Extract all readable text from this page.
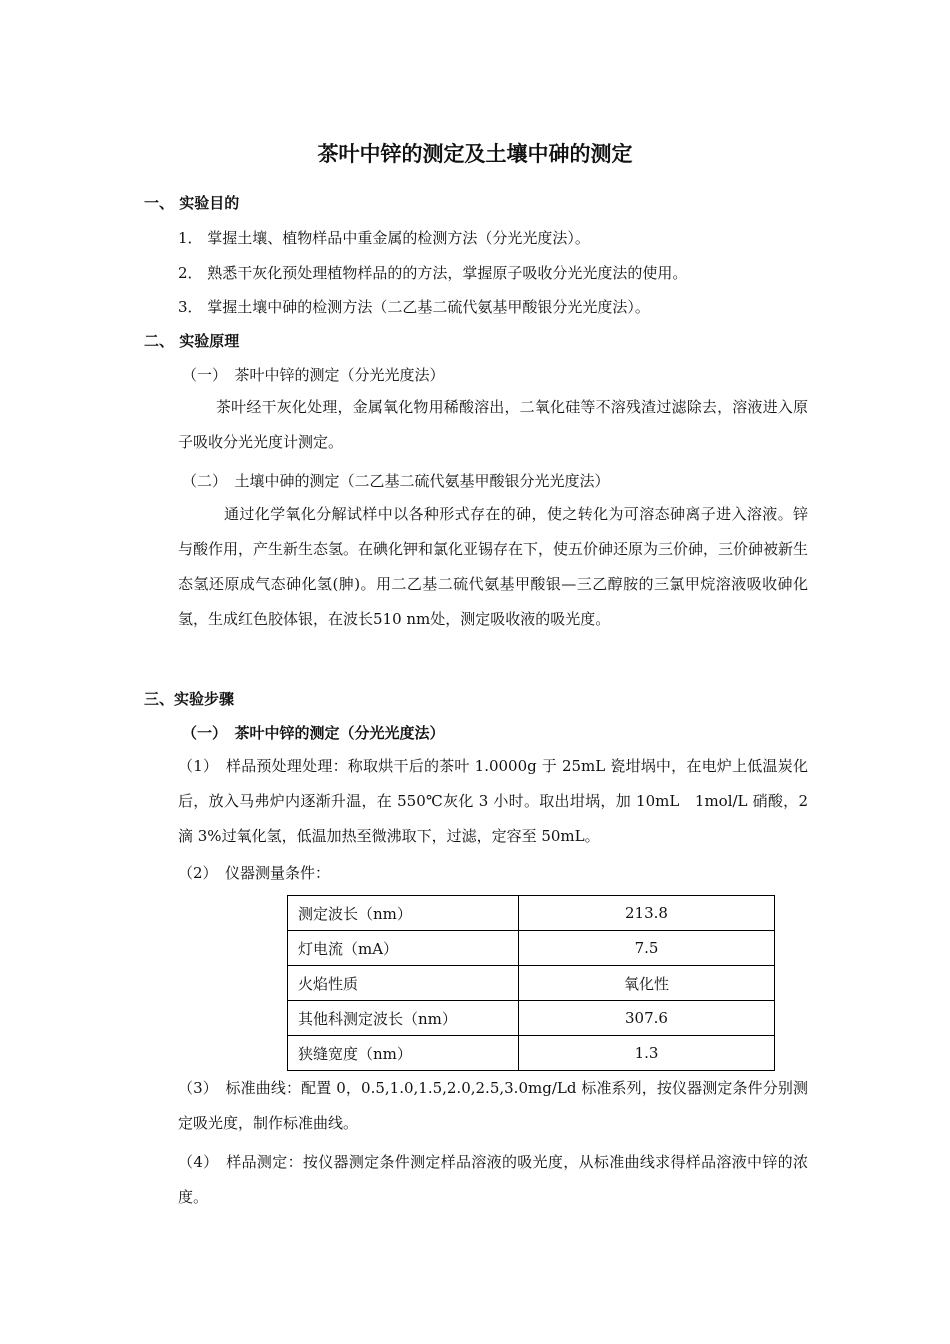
茶叶中锌的测定及土壤中砷的测定
一、 实验目的
1． 掌握土壤、植物样品中重金属的检测方法（分光光度法）。
2． 熟悉干灰化预处理植物样品的的方法，掌握原子吸收分光光度法的使用。
3． 掌握土壤中砷的检测方法（二乙基二硫代氨基甲酸银分光光度法）。
二、 实验原理
（一）　茶叶中锌的测定（分光光度法）
茶叶经干灰化处理，金属氧化物用稀酸溶出，二氧化硅等不溶残渣过滤除去，溶液进入原子吸收分光光度计测定。
（二）　土壤中砷的测定（二乙基二硫代氨基甲酸银分光光度法）
通过化学氧化分解试样中以各种形式存在的砷，使之转化为可溶态砷离子进入溶液。锌与酸作用，产生新生态氢。在碘化钾和氯化亚锡存在下，使五价砷还原为三价砷，三价砷被新生态氢还原成气态砷化氢(胂)。用二乙基二硫代氨基甲酸银—三乙醇胺的三氯甲烷溶液吸收砷化氢，生成红色胶体银，在波长510 nm处，测定吸收液的吸光度。
三、实验步骤
（一）　茶叶中锌的测定（分光光度法）
（1）　样品预处理处理：称取烘干后的茶叶 1.0000g 于 25mL 瓷坩埚中，在电炉上低温炭化后，放入马弗炉内逐渐升温，在 550℃灰化 3 小时。取出坩埚，加 10mL　1mol/L 硝酸，2 滴 3%过氧化氢，低温加热至微沸取下，过滤，定容至 50mL。
（2）　仪器测量条件：
测定波长（nm）	213.8
灯电流（mA）	7.5
火焰性质	氧化性
其他科测定波长（nm）	307.6
狭缝宽度（nm）	1.3
（3）　标准曲线：配置 0，0.5,1.0,1.5,2.0,2.5,3.0mg/Ld 标准系列，按仪器测定条件分别测定吸光度，制作标准曲线。
（4）　样品测定：按仪器测定条件测定样品溶液的吸光度，从标准曲线求得样品溶液中锌的浓度。
